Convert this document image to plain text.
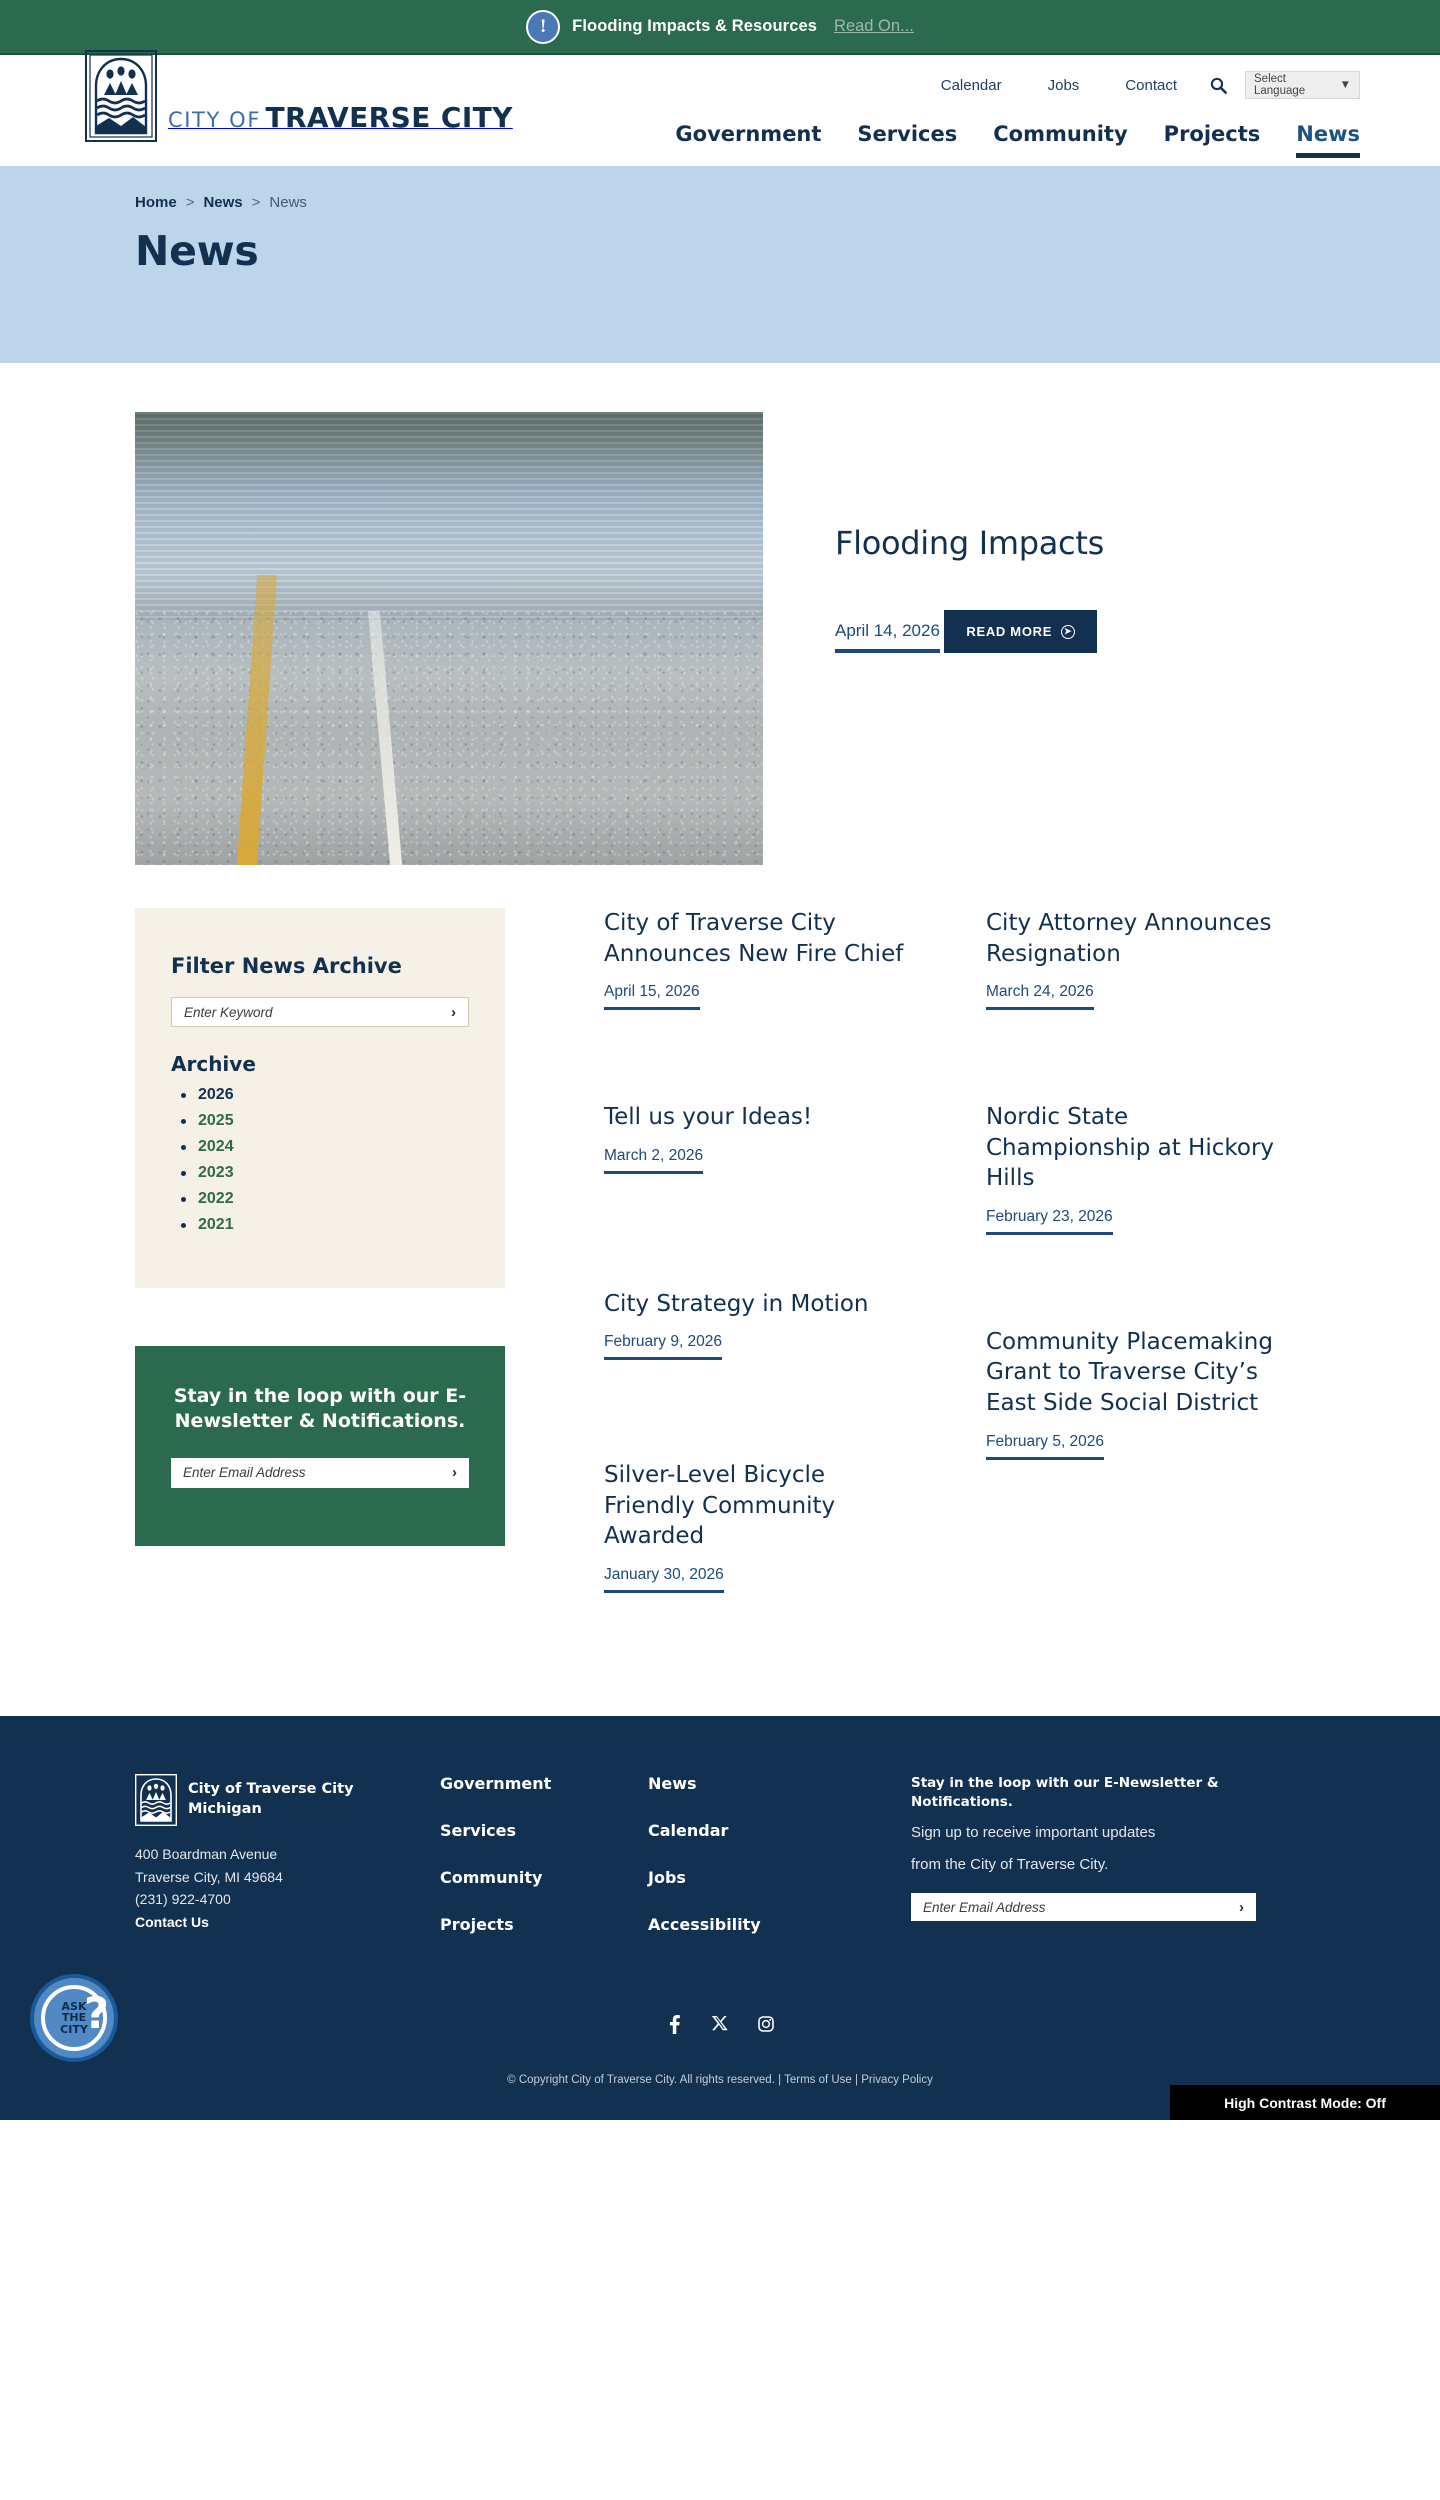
!	Flooding Impacts & Resources Read On...
CITY OF TRAVERSE CITY
Calendar	Jobs	Contact	Select Language	▼
Government Services Community Projects News
Home > News > News
News
Flooding Impacts
April 14, 2026
READ MORE	➤
Filter News Archive
Enter Keyword
›
Archive
2026
2025
2024
2023
2022
2021
Stay in the loop with our E-Newsletter & Notifications.
Enter Email Address
›
City of Traverse City Announces New Fire Chief
April 15, 2026
Tell us your Ideas!
March 2, 2026
City Strategy in Motion
February 9, 2026
Silver-Level Bicycle Friendly Community Awarded
January 30, 2026
City Attorney Announces Resignation
March 24, 2026
Nordic State Championship at Hickory Hills
February 23, 2026
Community Placemaking Grant to Traverse City’s East Side Social District
February 5, 2026
City of Traverse City
Michigan
400 Boardman Avenue
Traverse City, MI 49684
(231) 922-4700
Contact Us
Government
Services
Community
Projects
News
Calendar
Jobs
Accessibility
Stay in the loop with our E-Newsletter & Notifications.

Sign up to receive important updates

from the City of Traverse City.

Enter Email Address
›
© Copyright City of Traverse City. All rights reserved. | Terms of Use | Privacy Policy
ASK
THE
CITY
?
High Contrast Mode: Off
